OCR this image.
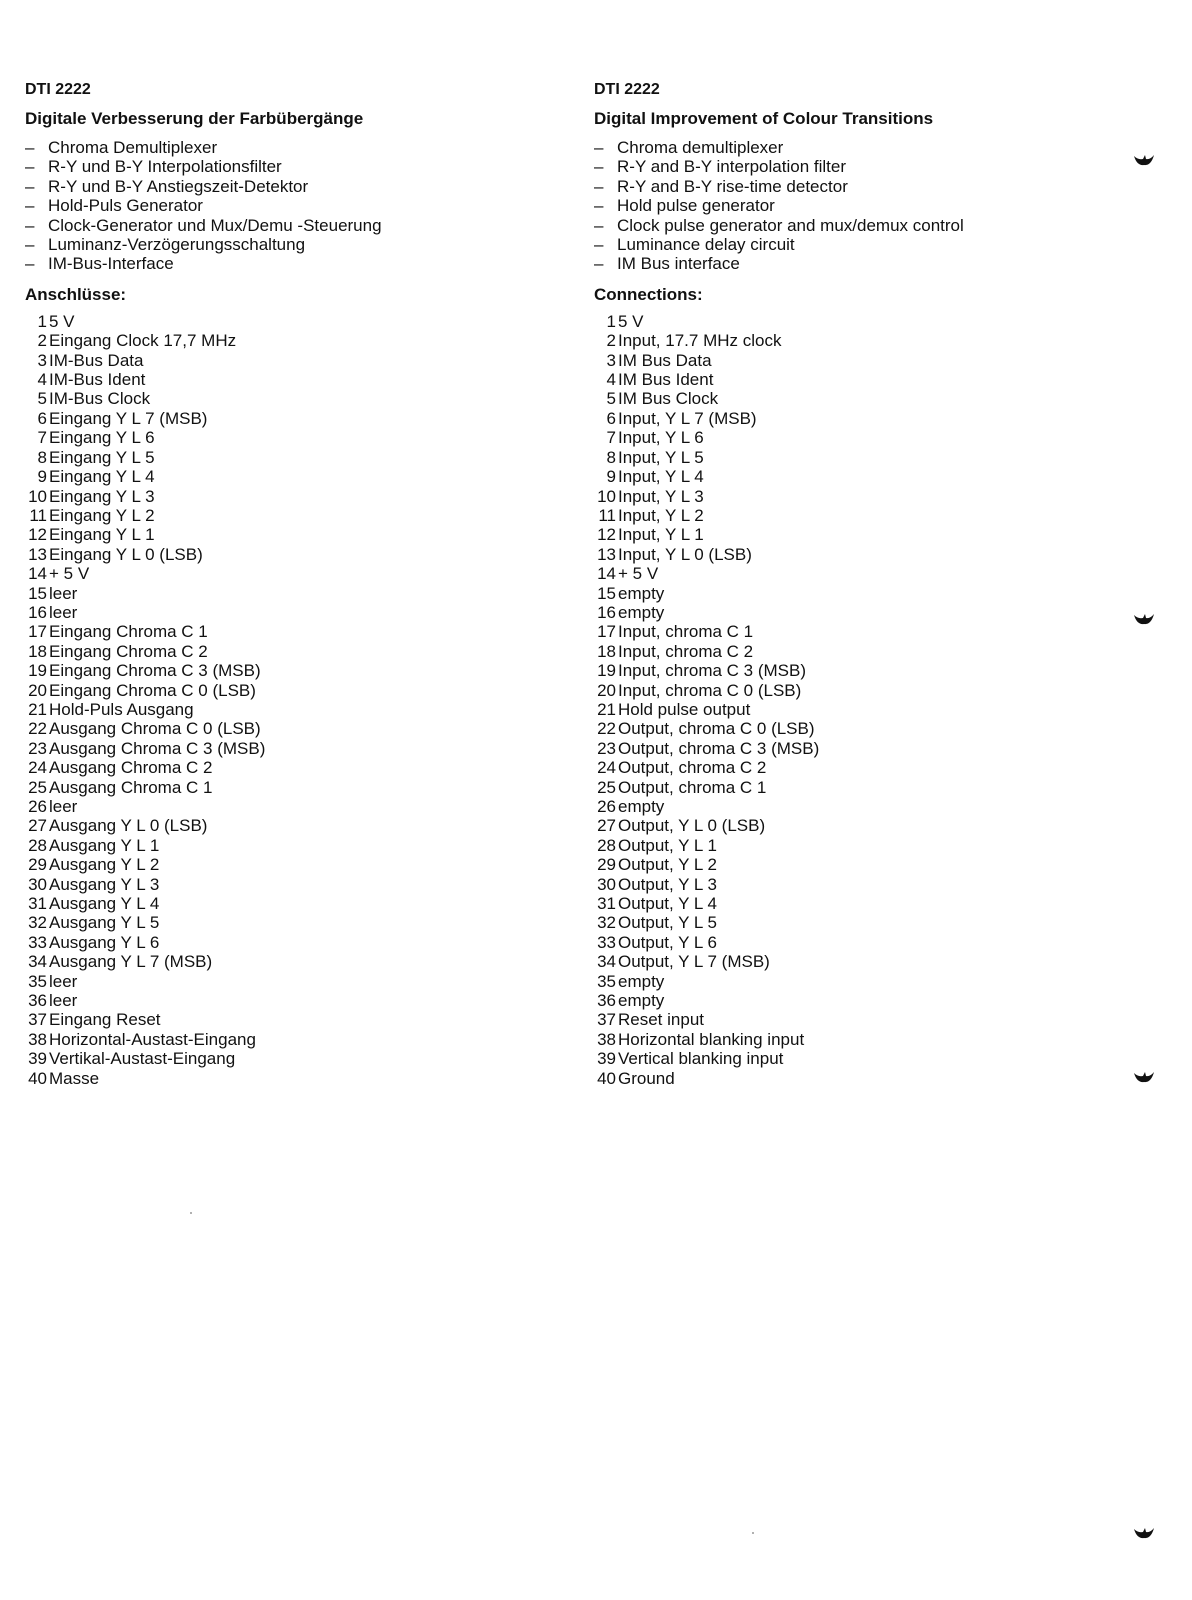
DTI 2222

Digitale Verbesserung der Farbübergänge

– Chroma Demultiplexer
– R-Y und B-Y Interpolationsfilter
– R-Y und B-Y Anstiegszeit-Detektor
– Hold-Puls Generator
– Clock-Generator und Mux/Demu -Steuerung
– Luminanz-Verzögerungsschaltung
– IM-Bus-Interface

Anschlüsse:

1 5 V
2 Eingang Clock 17,7 MHz
3 IM-Bus Data
4 IM-Bus Ident
5 IM-Bus Clock
6 Eingang Y L 7 (MSB)
7 Eingang Y L 6
8 Eingang Y L 5
9 Eingang Y L 4
10 Eingang Y L 3
11 Eingang Y L 2
12 Eingang Y L 1
13 Eingang Y L 0 (LSB)
14 + 5 V
15 leer
16 leer
17 Eingang Chroma C 1
18 Eingang Chroma C 2
19 Eingang Chroma C 3 (MSB)
20 Eingang Chroma C 0 (LSB)
21 Hold-Puls Ausgang
22 Ausgang Chroma C 0 (LSB)
23 Ausgang Chroma C 3 (MSB)
24 Ausgang Chroma C 2
25 Ausgang Chroma C 1
26 leer
27 Ausgang Y L 0 (LSB)
28 Ausgang Y L 1
29 Ausgang Y L 2
30 Ausgang Y L 3
31 Ausgang Y L 4
32 Ausgang Y L 5
33 Ausgang Y L 6
34 Ausgang Y L 7 (MSB)
35 leer
36 leer
37 Eingang Reset
38 Horizontal-Austast-Eingang
39 Vertikal-Austast-Eingang
40 Masse

DTI 2222

Digital Improvement of Colour Transitions

– Chroma demultiplexer
– R-Y and B-Y interpolation filter
– R-Y and B-Y rise-time detector
– Hold pulse generator
– Clock pulse generator and mux/demux control
– Luminance delay circuit
– IM Bus interface

Connections:

1 5 V
2 Input, 17.7 MHz clock
3 IM Bus Data
4 IM Bus Ident
5 IM Bus Clock
6 Input, Y L 7 (MSB)
7 Input, Y L 6
8 Input, Y L 5
9 Input, Y L 4
10 Input, Y L 3
11 Input, Y L 2
12 Input, Y L 1
13 Input, Y L 0 (LSB)
14 + 5 V
15 empty
16 empty
17 Input, chroma C 1
18 Input, chroma C 2
19 Input, chroma C 3 (MSB)
20 Input, chroma C 0 (LSB)
21 Hold pulse output
22 Output, chroma C 0 (LSB)
23 Output, chroma C 3 (MSB)
24 Output, chroma C 2
25 Output, chroma C 1
26 empty
27 Output, Y L 0 (LSB)
28 Output, Y L 1
29 Output, Y L 2
30 Output, Y L 3
31 Output, Y L 4
32 Output, Y L 5
33 Output, Y L 6
34 Output, Y L 7 (MSB)
35 empty
36 empty
37 Reset input
38 Horizontal blanking input
39 Vertical blanking input
40 Ground
